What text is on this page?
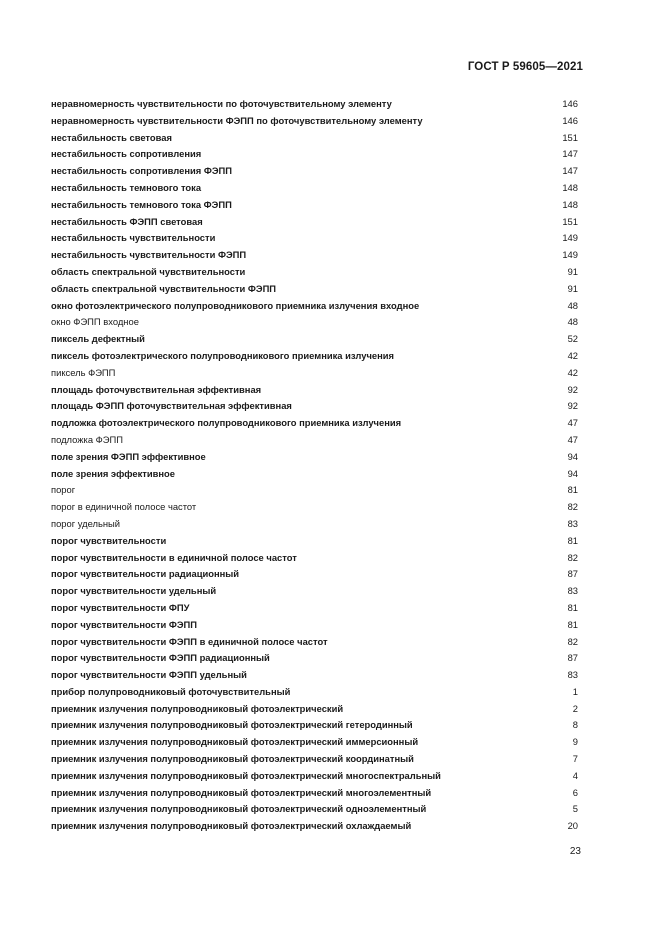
ГОСТ Р 59605—2021
неравномерность чувствительности по фоточувствительному элементу	146
неравномерность чувствительности ФЭПП по фоточувствительному элементу	146
нестабильность световая	151
нестабильность сопротивления	147
нестабильность сопротивления ФЭПП	147
нестабильность темнового тока	148
нестабильность темнового тока ФЭПП	148
нестабильность ФЭПП световая	151
нестабильность чувствительности	149
нестабильность чувствительности ФЭПП	149
область спектральной чувствительности	91
область спектральной чувствительности ФЭПП	91
окно фотоэлектрического полупроводникового приемника излучения входное	48
окно ФЭПП входное	48
пиксель дефектный	52
пиксель фотоэлектрического полупроводникового приемника излучения	42
пиксель ФЭПП	42
площадь фоточувствительная эффективная	92
площадь ФЭПП фоточувствительная эффективная	92
подложка фотоэлектрического полупроводникового приемника излучения	47
подложка ФЭПП	47
поле зрения ФЭПП эффективное	94
поле зрения эффективное	94
порог	81
порог в единичной полосе частот	82
порог удельный	83
порог чувствительности	81
порог чувствительности в единичной полосе частот	82
порог чувствительности радиационный	87
порог чувствительности удельный	83
порог чувствительности ФПУ	81
порог чувствительности ФЭПП	81
порог чувствительности ФЭПП в единичной полосе частот	82
порог чувствительности ФЭПП радиационный	87
порог чувствительности ФЭПП удельный	83
прибор полупроводниковый фоточувствительный	1
приемник излучения полупроводниковый фотоэлектрический	2
приемник излучения полупроводниковый фотоэлектрический гетеродинный	8
приемник излучения полупроводниковый фотоэлектрический иммерсионный	9
приемник излучения полупроводниковый фотоэлектрический координатный	7
приемник излучения полупроводниковый фотоэлектрический многоспектральный	4
приемник излучения полупроводниковый фотоэлектрический многоэлементный	6
приемник излучения полупроводниковый фотоэлектрический одноэлементный	5
приемник излучения полупроводниковый фотоэлектрический охлаждаемый	20
23
